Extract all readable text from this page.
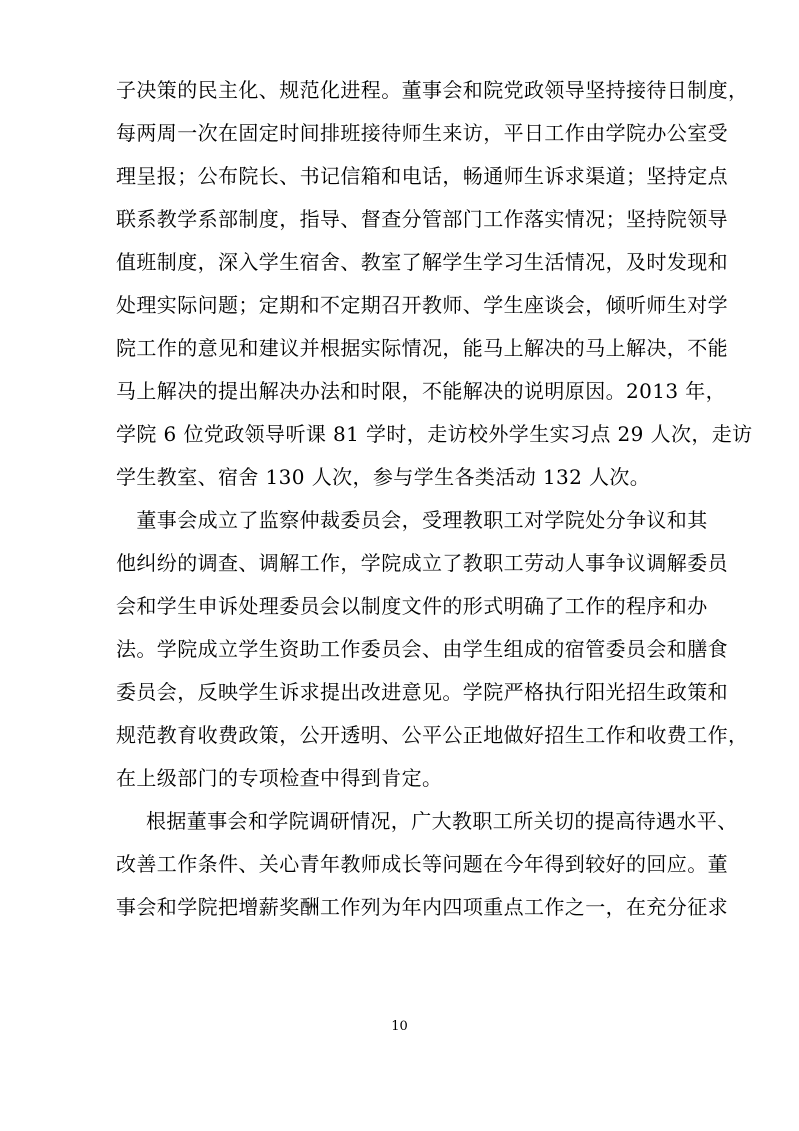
子决策的民主化、规范化进程。董事会和院党政领导坚持接待日制度，
每两周一次在固定时间排班接待师生来访，平日工作由学院办公室受
理呈报；公布院长、书记信箱和电话，畅通师生诉求渠道；坚持定点
联系教学系部制度，指导、督查分管部门工作落实情况；坚持院领导
值班制度，深入学生宿舍、教室了解学生学习生活情况，及时发现和
处理实际问题；定期和不定期召开教师、学生座谈会，倾听师生对学
院工作的意见和建议并根据实际情况，能马上解决的马上解决，不能
马上解决的提出解决办法和时限，不能解决的说明原因。2013 年，
学院 6 位党政领导听课 81 学时，走访校外学生实习点 29 人次，走访
学生教室、宿舍 130 人次，参与学生各类活动 132 人次。
　董事会成立了监察仲裁委员会，受理教职工对学院处分争议和其
他纠纷的调查、调解工作，学院成立了教职工劳动人事争议调解委员
会和学生申诉处理委员会以制度文件的形式明确了工作的程序和办
法。学院成立学生资助工作委员会、由学生组成的宿管委员会和膳食
委员会，反映学生诉求提出改进意见。学院严格执行阳光招生政策和
规范教育收费政策，公开透明、公平公正地做好招生工作和收费工作，
在上级部门的专项检查中得到肯定。
根据董事会和学院调研情况，广大教职工所关切的提高待遇水平、
改善工作条件、关心青年教师成长等问题在今年得到较好的回应。董
事会和学院把增薪奖酬工作列为年内四项重点工作之一，在充分征求
10
